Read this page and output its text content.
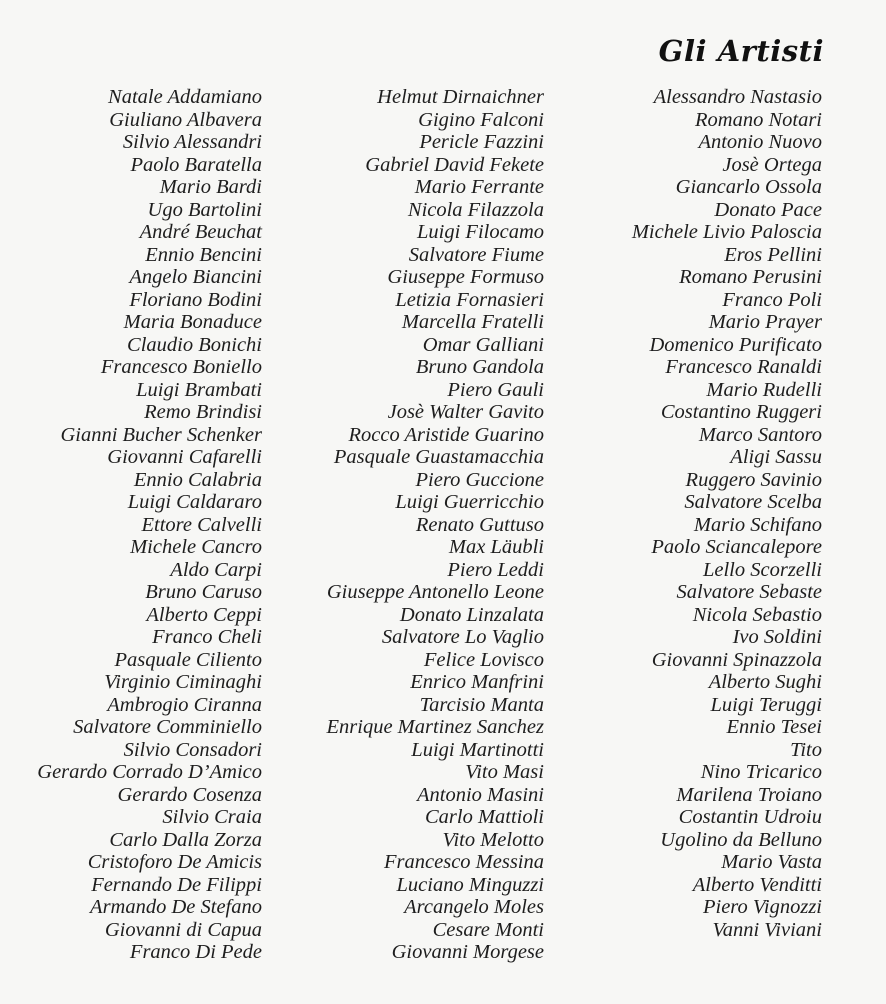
Gli Artisti
Natale Addamiano
Giuliano Albavera
Silvio Alessandri
Paolo Baratella
Mario Bardi
Ugo Bartolini
André Beuchat
Ennio Bencini
Angelo Biancini
Floriano Bodini
Maria Bonaduce
Claudio Bonichi
Francesco Boniello
Luigi Brambati
Remo Brindisi
Gianni Bucher Schenker
Giovanni Cafarelli
Ennio Calabria
Luigi Caldararo
Ettore Calvelli
Michele Cancro
Aldo Carpi
Bruno Caruso
Alberto Ceppi
Franco Cheli
Pasquale Ciliento
Virginio Ciminaghi
Ambrogio Ciranna
Salvatore Comminiello
Silvio Consadori
Gerardo Corrado D’Amico
Gerardo Cosenza
Silvio Craia
Carlo Dalla Zorza
Cristoforo De Amicis
Fernando De Filippi
Armando De Stefano
Giovanni di Capua
Franco Di Pede
Helmut Dirnaichner
Gigino Falconi
Pericle Fazzini
Gabriel David Fekete
Mario Ferrante
Nicola Filazzola
Luigi Filocamo
Salvatore Fiume
Giuseppe Formuso
Letizia Fornasieri
Marcella Fratelli
Omar Galliani
Bruno Gandola
Piero Gauli
Josè Walter Gavito
Rocco Aristide Guarino
Pasquale Guastamacchia
Piero Guccione
Luigi Guerricchio
Renato Guttuso
Max Läubli
Piero Leddi
Giuseppe Antonello Leone
Donato Linzalata
Salvatore Lo Vaglio
Felice Lovisco
Enrico Manfrini
Tarcisio Manta
Enrique Martinez Sanchez
Luigi Martinotti
Vito Masi
Antonio Masini
Carlo Mattioli
Vito Melotto
Francesco Messina
Luciano Minguzzi
Arcangelo Moles
Cesare Monti
Giovanni Morgese
Alessandro Nastasio
Romano Notari
Antonio Nuovo
Josè Ortega
Giancarlo Ossola
Donato Pace
Michele Livio Paloscia
Eros Pellini
Romano Perusini
Franco Poli
Mario Prayer
Domenico Purificato
Francesco Ranaldi
Mario Rudelli
Costantino Ruggeri
Marco Santoro
Aligi Sassu
Ruggero Savinio
Salvatore Scelba
Mario Schifano
Paolo Sciancalepore
Lello Scorzelli
Salvatore Sebaste
Nicola Sebastio
Ivo Soldini
Giovanni Spinazzola
Alberto Sughi
Luigi Teruggi
Ennio Tesei
Tito
Nino Tricarico
Marilena Troiano
Costantin Udroiu
Ugolino da Belluno
Mario Vasta
Alberto Venditti
Piero Vignozzi
Vanni Viviani
